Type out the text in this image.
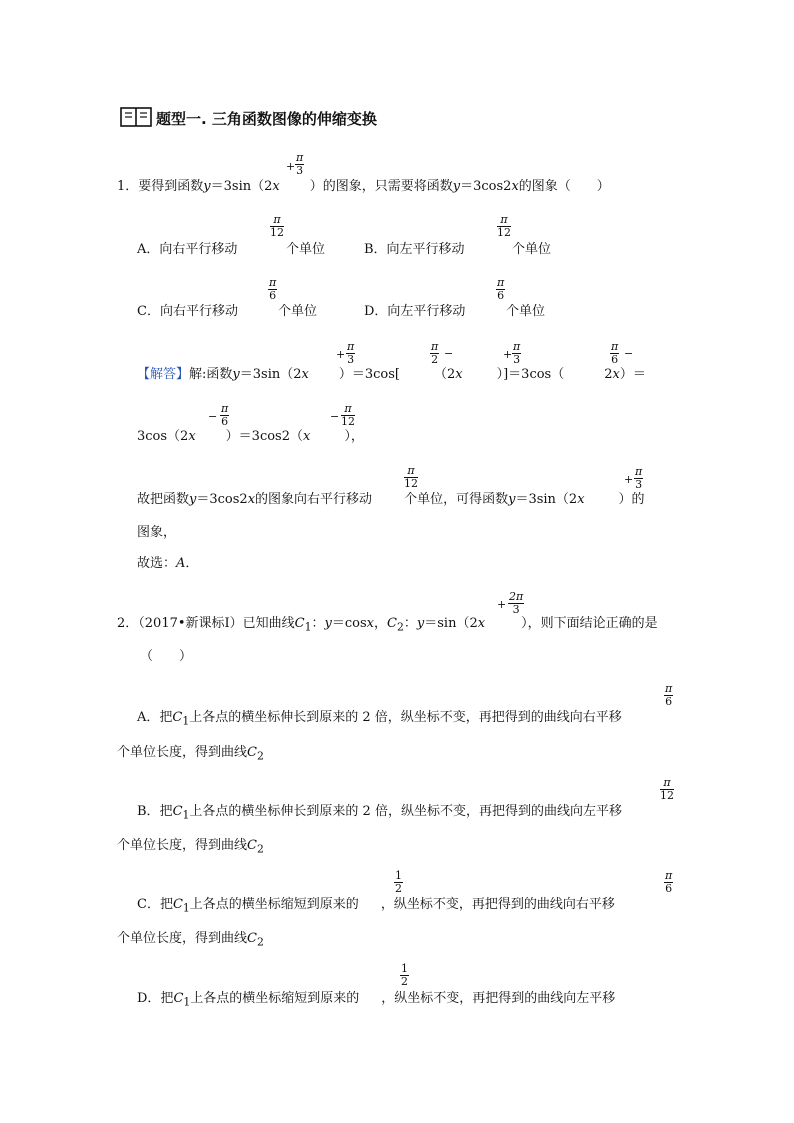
题型一. 三角函数图像的伸缩变换
1．要得到函数y＝3sin（2x ）的图象，只需要将函数y＝3cos2x的图象（　　）
+ $\frac{\pi}{3}$
A．向右平行移动
$\frac{\pi}{12}$
个单位	B．向左平行移动
$\frac{\pi}{12}$
个单位
C．向右平行移动
$\frac{\pi}{6}$
个单位	D．向左平行移动
$\frac{\pi}{6}$
个单位
【解答】解:函数y＝3sin（2x ）＝3cos[	（2x	）]＝3cos（	2x）＝
+ $\frac{\pi}{3}$	$\frac{\pi}{2}$ −	+ $\frac{\pi}{3}$	$\frac{\pi}{6}$ −
3cos（2x ）＝3cos2（x	），
− $\frac{\pi}{6}$	− $\frac{\pi}{12}$
故把函数y＝3cos2x的图象向右平行移动 个单位，可得函数y＝3sin（2x	）的
$\frac{\pi}{12}$	+ $\frac{\pi}{3}$
图象，
故选：A．
2．（2017•新课标Ⅰ）已知曲线$C_1$：y＝cosx，$C_2$：y＝sin（2x	），则下面结论正确的是
+ $\frac{2\pi}{3}$
（　　）
A．把$C_1$上各点的横坐标伸长到原来的 2 倍，纵坐标不变，再把得到的曲线向右平移
$\frac{\pi}{6}$
个单位长度，得到曲线$C_2$
B．把$C_1$上各点的横坐标伸长到原来的 2 倍，纵坐标不变，再把得到的曲线向左平移
$\frac{\pi}{12}$
个单位长度，得到曲线$C_2$
C．把$C_1$上各点的横坐标缩短到原来的 ，纵坐标不变，再把得到的曲线向右平移
$\frac{1}{2}$	$\frac{\pi}{6}$
个单位长度，得到曲线$C_2$
D．把$C_1$上各点的横坐标缩短到原来的 ，纵坐标不变，再把得到的曲线向左平移
$\frac{1}{2}$
